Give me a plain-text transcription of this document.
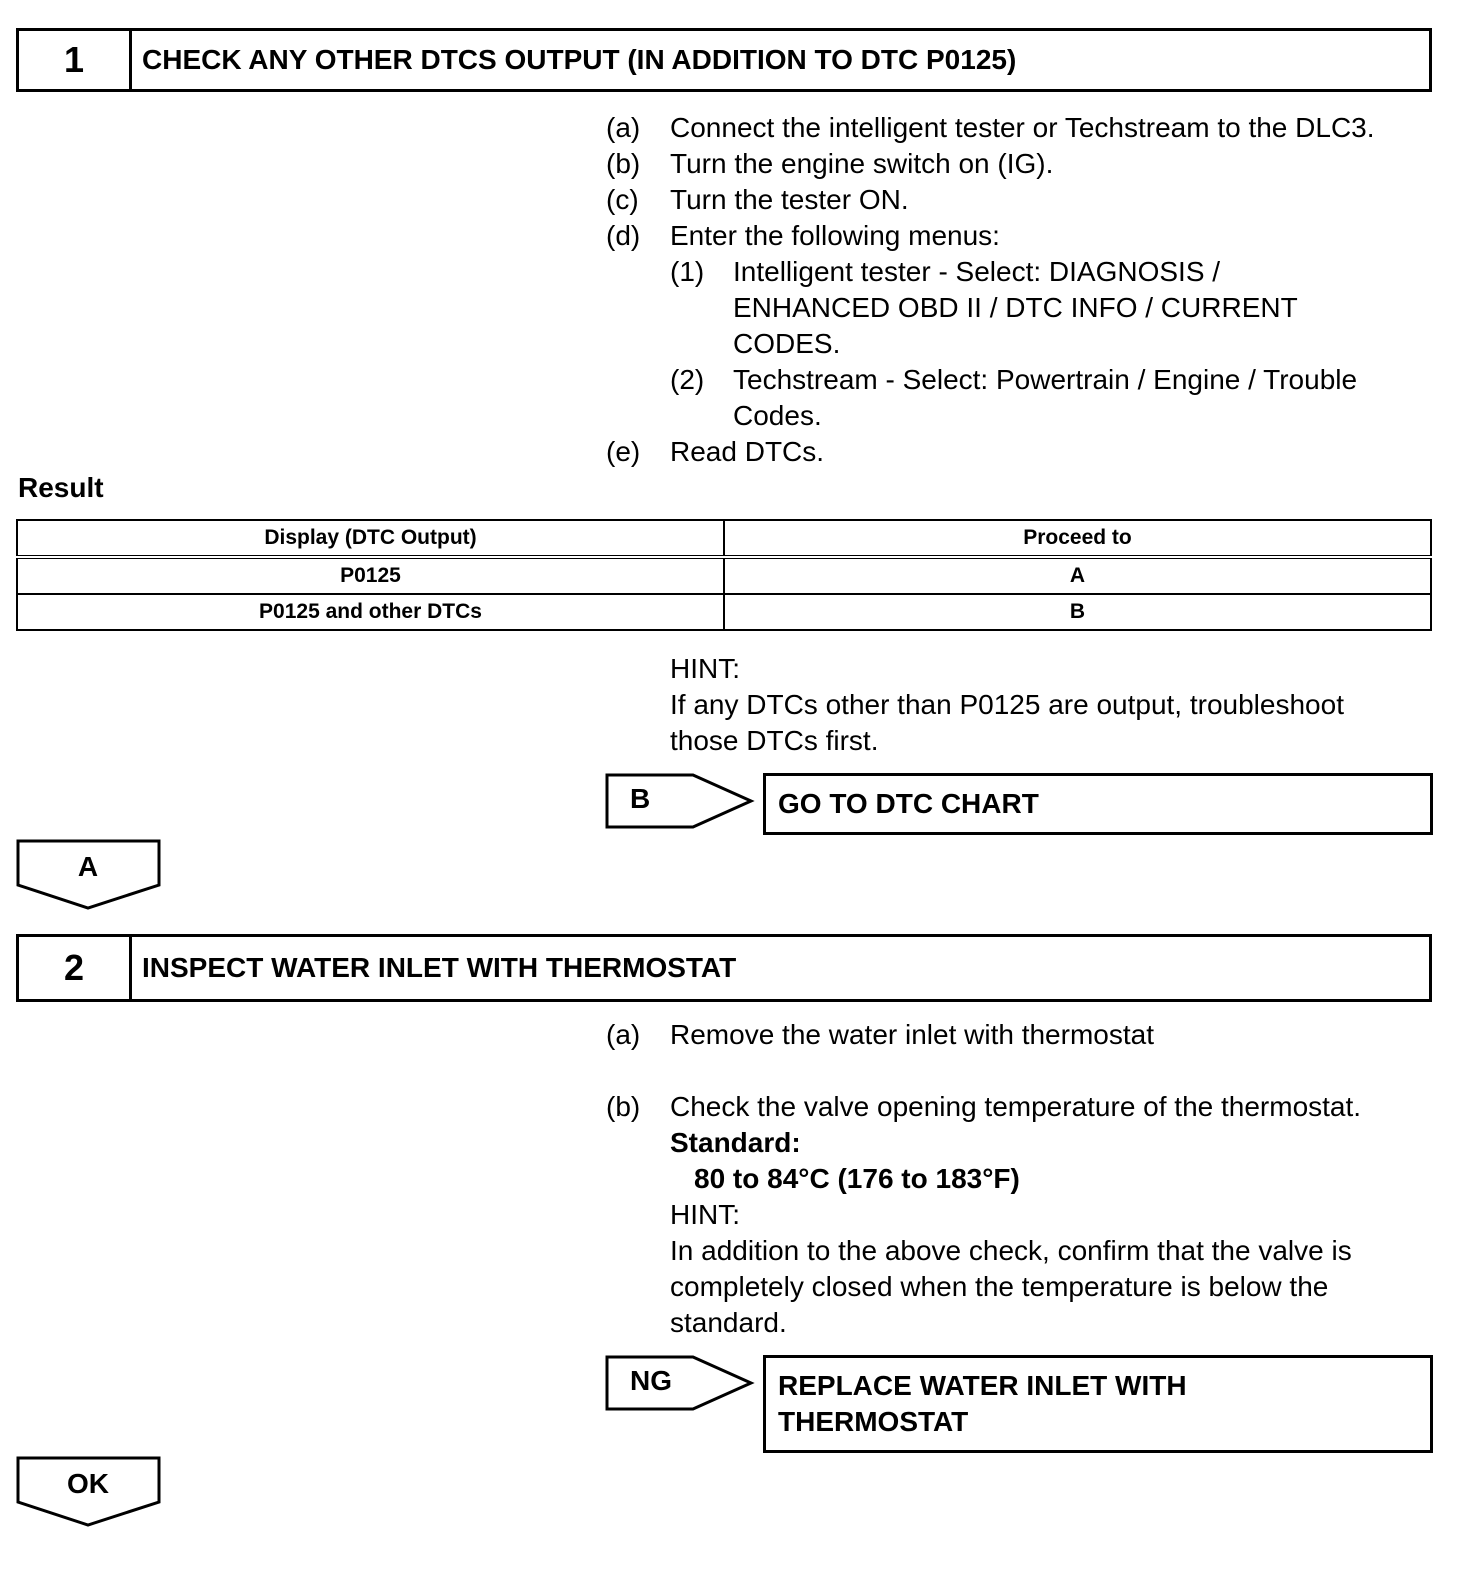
1	CHECK ANY OTHER DTCS OUTPUT (IN ADDITION TO DTC P0125)
(a) Connect the intelligent tester or Techstream to the DLC3.
(b) Turn the engine switch on (IG).
(c) Turn the tester ON.
(d) Enter the following menus:
(1)	Intelligent tester - Select: DIAGNOSIS / ENHANCED OBD II / DTC INFO / CURRENT CODES.
(2)	Techstream - Select: Powertrain / Engine / Trouble Codes.
(e) Read DTCs.
Result
Display (DTC Output)	Proceed to
P0125	A
P0125 and other DTCs	B
HINT:
If any DTCs other than P0125 are output, troubleshoot
those DTCs first.
B	GO TO DTC CHART
A
2	INSPECT WATER INLET WITH THERMOSTAT
(a) Remove the water inlet with thermostat
(b) Check the valve opening temperature of the thermostat.
Standard:
80 to 84°C (176 to 183°F)
HINT:
In addition to the above check, confirm that the valve is
completely closed when the temperature is below the
standard.
NG	REPLACE WATER INLET WITH
THERMOSTAT
OK
